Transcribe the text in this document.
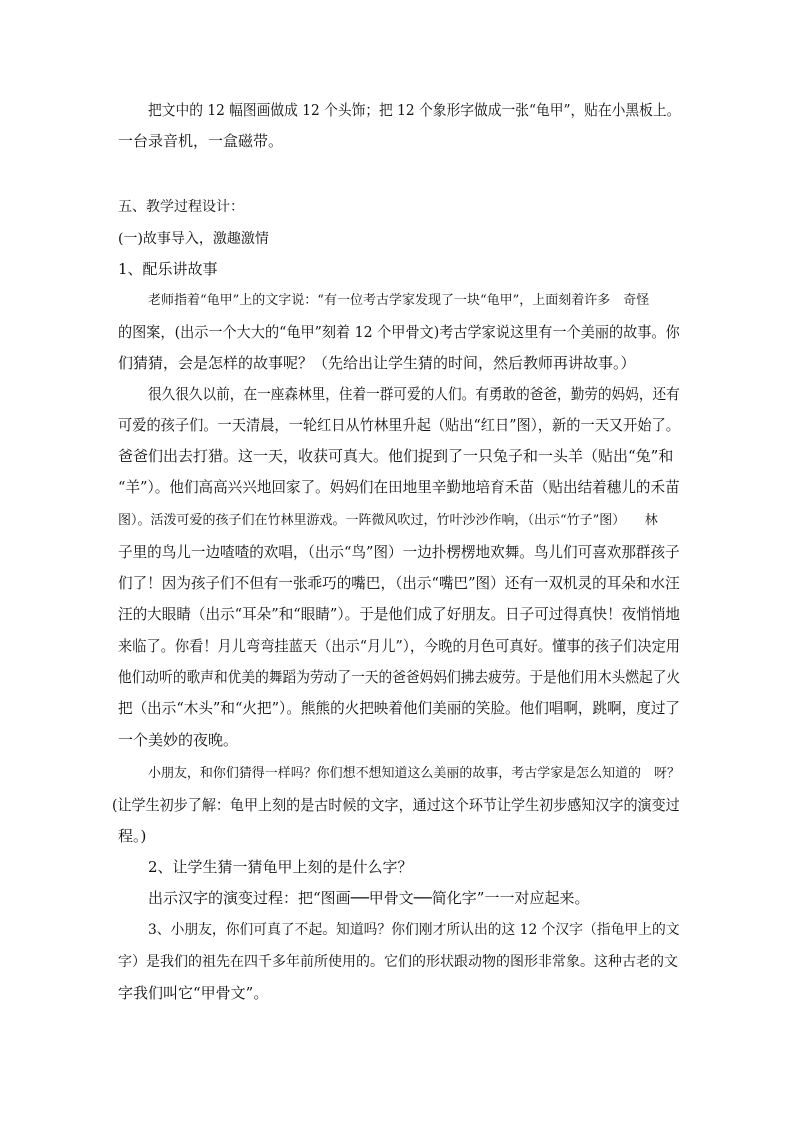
把文中的 12 幅图画做成 12 个头饰；把 12 个象形字做成一张“龟甲”，贴在小黑板上。
一台录音机，一盒磁带。
五、教学过程设计：
(一)故事导入，激趣激情
1、配乐讲故事
老师指着“龟甲”上的文字说：“有一位考古学家发现了一块“龟甲”，上面刻着许多　奇怪
的图案，(出示一个大大的“龟甲”刻着 12 个甲骨文)考古学家说这里有一个美丽的故事。你
们猜猜，会是怎样的故事呢？（先给出让学生猜的时间，然后教师再讲故事。）
很久很久以前，在一座森林里，住着一群可爱的人们。有勇敢的爸爸，勤劳的妈妈，还有
可爱的孩子们。一天清晨，一轮红日从竹林里升起（贴出“红日”图），新的一天又开始了。
爸爸们出去打猎。这一天，收获可真大。他们捉到了一只兔子和一头羊（贴出“兔”和
“羊”）。他们高高兴兴地回家了。妈妈们在田地里辛勤地培育禾苗（贴出结着穗儿的禾苗
图）。活泼可爱的孩子们在竹林里游戏。一阵微风吹过，竹叶沙沙作响，（出示“竹子”图）　　林
子里的鸟儿一边喳喳的欢唱，（出示“鸟”图）一边扑楞楞地欢舞。鸟儿们可喜欢那群孩子
们了！因为孩子们不但有一张乖巧的嘴巴，（出示“嘴巴”图）还有一双机灵的耳朵和水汪
汪的大眼睛（出示“耳朵”和“眼睛”）。于是他们成了好朋友。日子可过得真快！夜悄悄地
来临了。你看！月儿弯弯挂蓝天（出示“月儿”），今晚的月色可真好。懂事的孩子们决定用
他们动听的歌声和优美的舞蹈为劳动了一天的爸爸妈妈们拂去疲劳。于是他们用木头燃起了火
把（出示“木头”和“火把”）。熊熊的火把映着他们美丽的笑脸。他们唱啊，跳啊，度过了
一个美妙的夜晚。
小朋友，和你们猜得一样吗？你们想不想知道这么美丽的故事，考古学家是怎么知道的　呀？
(让学生初步了解：龟甲上刻的是古时候的文字，通过这个环节让学生初步感知汉字的演变过
程。)
2、让学生猜一猜龟甲上刻的是什么字？
出示汉字的演变过程：把“图画──甲骨文──简化字”一一对应起来。
3、小朋友，你们可真了不起。知道吗？你们刚才所认出的这 12 个汉字（指龟甲上的文
字）是我们的祖先在四千多年前所使用的。它们的形状跟动物的图形非常象。这种古老的文
字我们叫它“甲骨文”。
